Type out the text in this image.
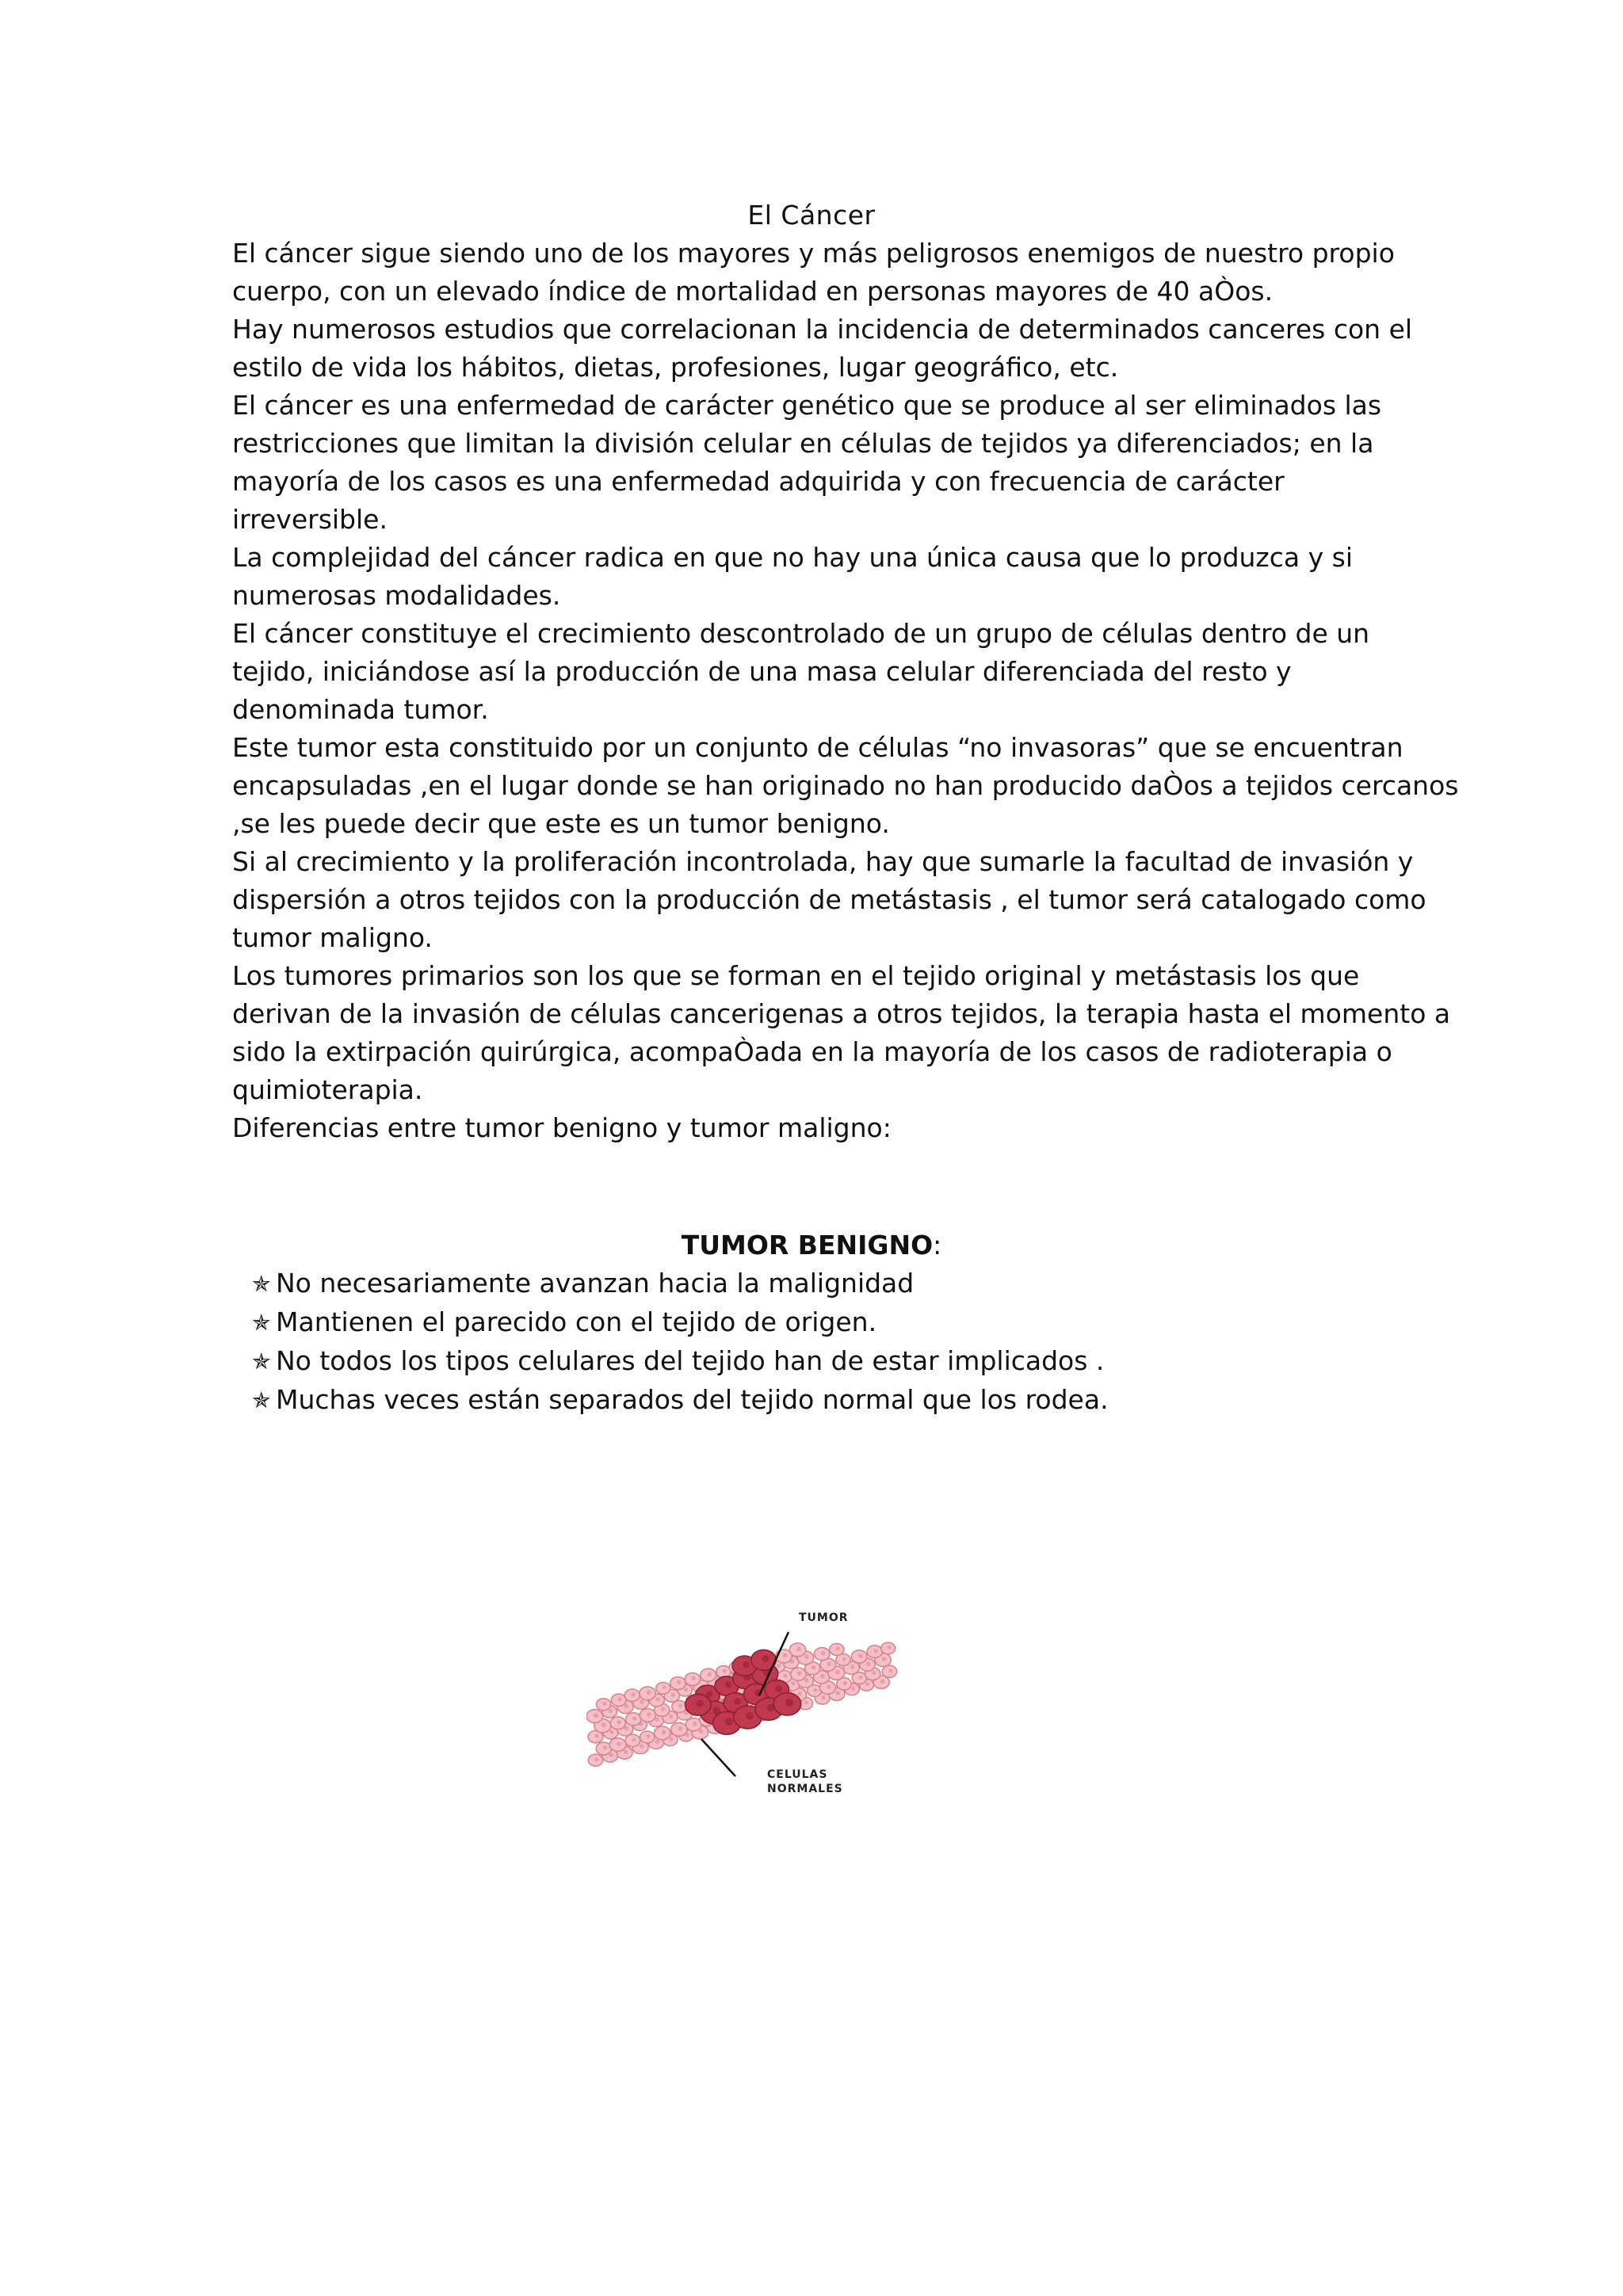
El Cáncer

El cáncer sigue siendo uno de los mayores y más peligrosos enemigos de nuestro propio

cuerpo, con un elevado índice de mortalidad en personas mayores de 40 aÒos.

Hay numerosos estudios que correlacionan la incidencia de determinados canceres con el

estilo de vida los hábitos, dietas, profesiones, lugar geográfico, etc.

El cáncer es una enfermedad de carácter genético que se produce al ser eliminados las

restricciones que limitan la división celular en células de tejidos ya diferenciados; en la

mayoría de los casos es una enfermedad adquirida y con frecuencia de carácter

irreversible.

La complejidad del cáncer radica en que no hay una única causa que lo produzca y si

numerosas modalidades.

El cáncer constituye el crecimiento descontrolado de un grupo de células dentro de un

tejido, iniciándose así la producción de una masa celular diferenciada del resto y

denominada tumor.

Este tumor esta constituido por un conjunto de células “no invasoras” que se encuentran

encapsuladas ,en el lugar donde se han originado no han producido daÒos a tejidos cercanos

,se les puede decir que este es un tumor benigno.

Si al crecimiento y la proliferación incontrolada, hay que sumarle la facultad de invasión y

dispersión a otros tejidos con la producción de metástasis , el tumor será catalogado como

tumor maligno.

Los tumores primarios son los que se forman en el tejido original y metástasis los que

derivan de la invasión de células cancerigenas a otros tejidos, la terapia hasta el momento a

sido la extirpación quirúrgica, acompaÒada en la mayoría de los casos de radioterapia o

quimioterapia.

Diferencias entre tumor benigno y tumor maligno:

TUMOR BENIGNO:
✯ No necesariamente avanzan hacia la malignidad
✯ Mantienen el parecido con el tejido de origen.
✯ No todos los tipos celulares del tejido han de estar implicados .
✯ Muchas veces están separados del tejido normal que los rodea.
TUMOR
CELULAS
NORMALES
